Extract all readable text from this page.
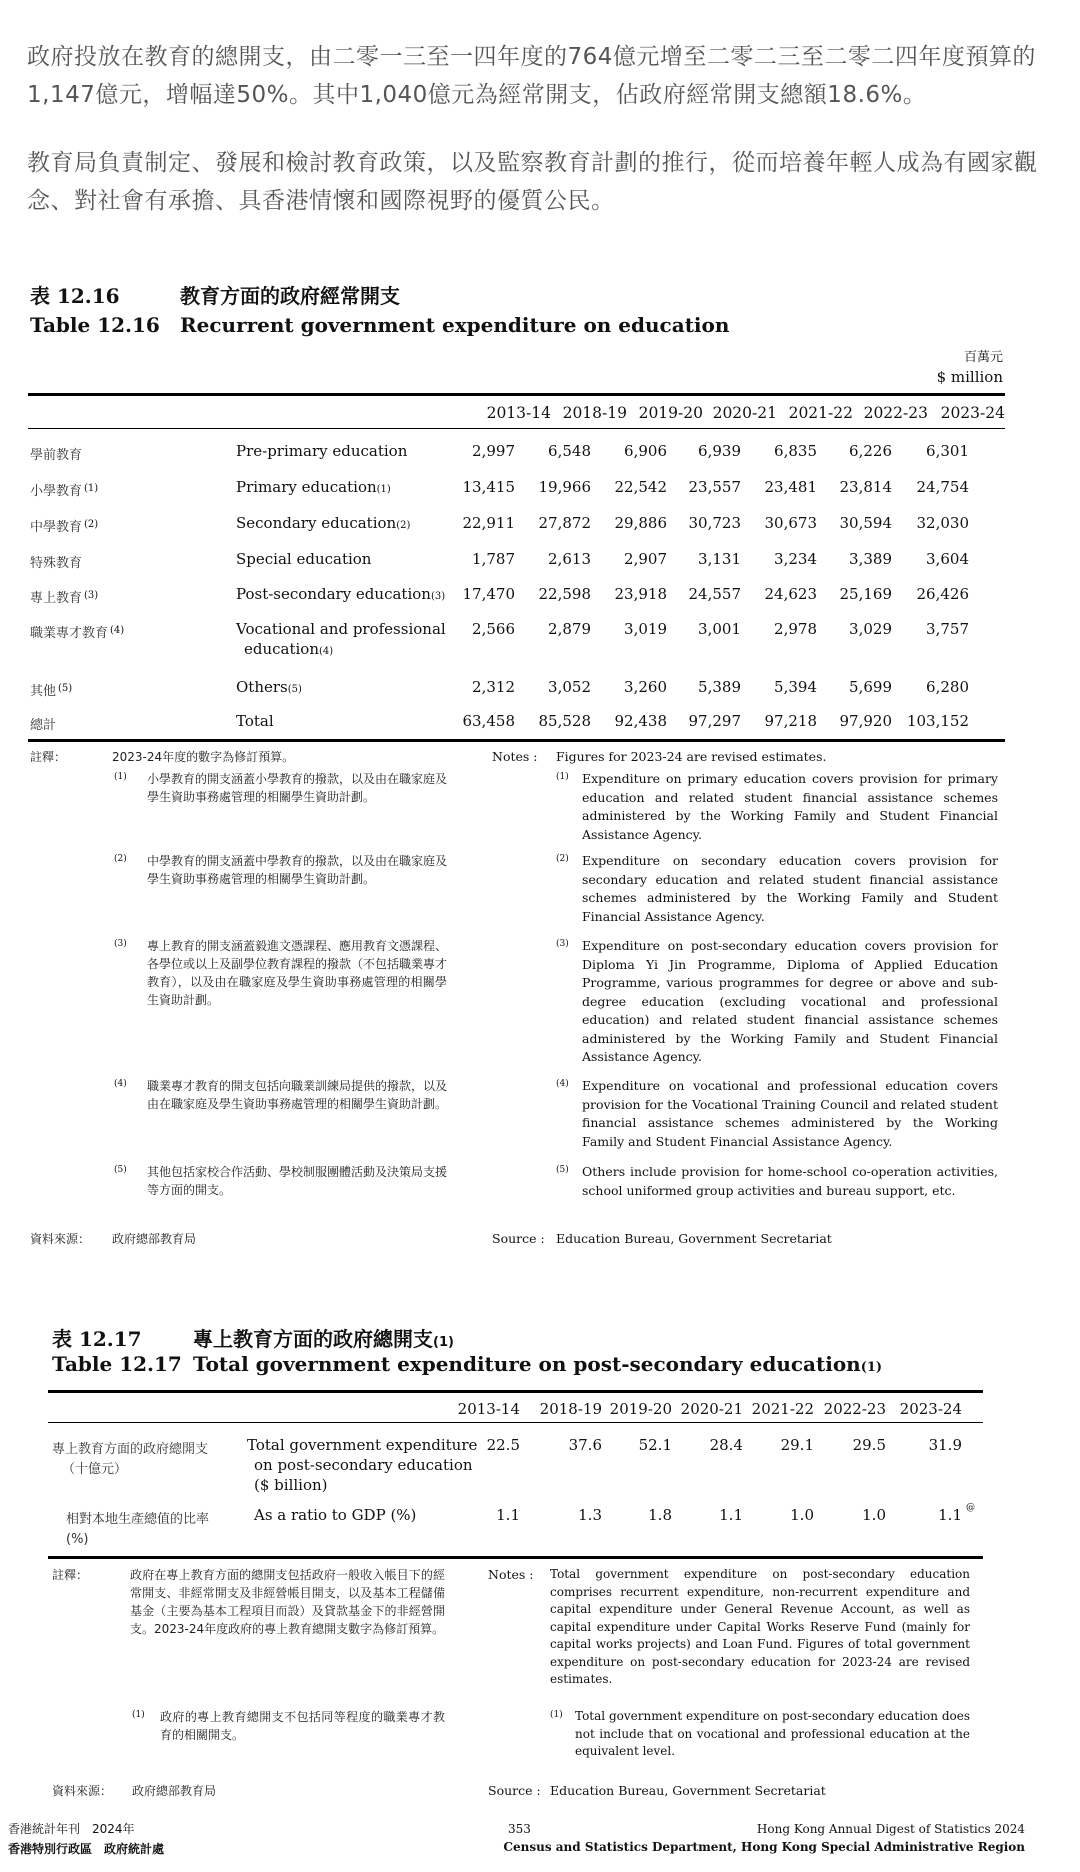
政府投放在教育的總開支，由二零一三至一四年度的764億元增至二零二三至二零二四年度預算的1,147億元，增幅達50%。其中1,040億元為經常開支，佔政府經常開支總額18.6%。

教育局負責制定、發展和檢討教育政策，以及監察教育計劃的推行，從而培養年輕人成為有國家觀念、對社會有承擔、具香港情懷和國際視野的優質公民。

表 12.16	教育方面的政府經常開支
Table 12.16 Recurrent government expenditure on education
百萬元
$ million
		2013-14	2018-19	2019-20	2020-21	2021-22	2022-23	2023-24

學前教育	Pre-primary education	2,997 6,548 6,906 6,939 6,835 6,226 6,301
小學教育 (1)	Primary education(1)	13,415 19,966 22,542 23,557 23,481 23,814 24,754
中學教育 (2)	Secondary education(2)	22,911 27,872 29,886 30,723 30,673 30,594 32,030
特殊教育	Special education	1,787 2,613 2,907 3,131 3,234 3,389 3,604
專上教育 (3)	Post-secondary education(3) 17,470 22,598 23,918 24,557 24,623 25,169 26,426
職業專才教育 (4)	Vocational and professional
education(4)
2,566 2,879 3,019 3,001 2,978 3,029 3,757
其他 (5)	Others(5)	2,312 3,052 3,260 5,389 5,394 5,699 6,280
總計	Total	63,458 85,528 92,438 97,297 97,218 97,920 103,152
註釋：	2023-24年度的數字為修訂預算。	Notes : Figures for 2023-24 are revised estimates.
(1) 小學教育的開支涵蓋小學教育的撥款，以及由在職家庭及學生資助事務處管理的相關學生資助計劃。
(1) Expenditure on primary education covers provision for primary education and related student financial assistance schemes administered by the Working Family and Student Financial Assistance Agency.
(2) 中學教育的開支涵蓋中學教育的撥款，以及由在職家庭及學生資助事務處管理的相關學生資助計劃。
(2) Expenditure on secondary education covers provision for secondary education and related student financial assistance schemes administered by the Working Family and Student Financial Assistance Agency.
(3) 專上教育的開支涵蓋毅進文憑課程、應用教育文憑課程、各學位或以上及副學位教育課程的撥款（不包括職業專才教育），以及由在職家庭及學生資助事務處管理的相關學生資助計劃。
(3) Expenditure on post-secondary education covers provision for Diploma Yi Jin Programme, Diploma of Applied Education Programme, various programmes for degree or above and sub-degree education (excluding vocational and professional education) and related student financial assistance schemes administered by the Working Family and Student Financial Assistance Agency.
(4) 職業專才教育的開支包括向職業訓練局提供的撥款，以及由在職家庭及學生資助事務處管理的相關學生資助計劃。
(4) Expenditure on vocational and professional education covers provision for the Vocational Training Council and related student financial assistance schemes administered by the Working Family and Student Financial Assistance Agency.
(5) 其他包括家校合作活動、學校制服團體活動及決策局支援等方面的開支。
(5) Others include provision for home-school co-operation activities, school uniformed group activities and bureau support, etc.
資料來源： 政府總部教育局	Source : Education Bureau, Government Secretariat
表 12.17	專上教育方面的政府總開支(1)
Table 12.17 Total government expenditure on post-secondary education(1)
2013-14 2018-19 2019-20 2020-21 2021-22 2022-23 2023-24
專上教育方面的政府總開支
（十億元）
Total government expenditure
on post-secondary education
($ billion)
22.5	37.6 52.1	28.4	29.1	29.5	31.9
相對本地生產總值的比率
(%)
As a ratio to GDP (%)	1.1	1.3	1.8	1.1	1.0	1.0	1.1 @
註釋：	政府在專上教育方面的總開支包括政府一般收入帳目下的經常開支、非經常開支及非經營帳目開支，以及基本工程儲備基金（主要為基本工程項目而設）及貸款基金下的非經營開支。2023-24年度政府的專上教育總開支數字為修訂預算。
Notes : Total government expenditure on post-secondary education comprises recurrent expenditure, non-recurrent expenditure and capital expenditure under General Revenue Account, as well as capital expenditure under Capital Works Reserve Fund (mainly for capital works projects) and Loan Fund. Figures of total government expenditure on post-secondary education for 2023-24 are revised estimates.
(1) 政府的專上教育總開支不包括同等程度的職業專才教育的相關開支。
(1) Total government expenditure on post-secondary education does not include that on vocational and professional education at the equivalent level.
資料來源： 政府總部教育局	Source : Education Bureau, Government Secretariat
香港統計年刊　2024年
香港特別行政區　政府統計處
353	Hong Kong Annual Digest of Statistics 2024
Census and Statistics Department, Hong Kong Special Administrative Region
